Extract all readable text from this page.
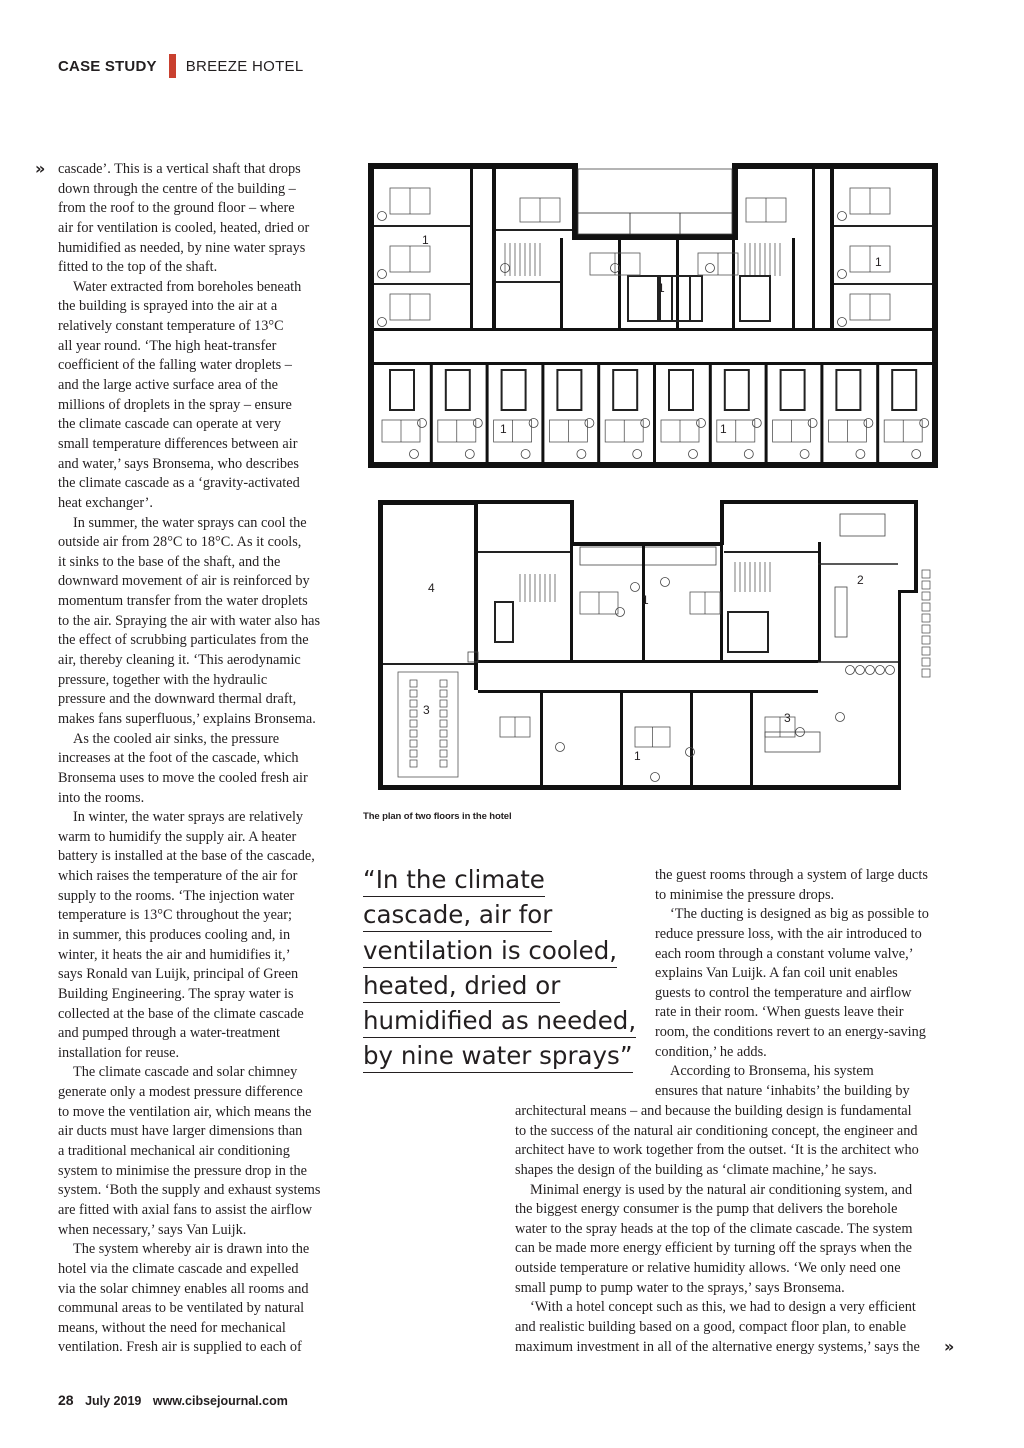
CASE STUDY BREEZE HOTEL
» cascade’. This is a vertical shaft that drops
down through the centre of the building –
from the roof to the ground floor – where
air for ventilation is cooled, heated, dried or
humidified as needed, by nine water sprays
fitted to the top of the shaft.
Water extracted from boreholes beneath
the building is sprayed into the air at a
relatively constant temperature of 13°C
all year round. ‘The high heat-transfer
coefficient of the falling water droplets –
and the large active surface area of the
millions of droplets in the spray – ensure
the climate cascade can operate at very
small temperature differences between air
and water,’ says Bronsema, who describes
the climate cascade as a ‘gravity-activated
heat exchanger’.
In summer, the water sprays can cool the
outside air from 28°C to 18°C. As it cools,
it sinks to the base of the shaft, and the
downward movement of air is reinforced by
momentum transfer from the water droplets
to the air. Spraying the air with water also has
the effect of scrubbing particulates from the
air, thereby cleaning it. ‘This aerodynamic
pressure, together with the hydraulic
pressure and the downward thermal draft,
makes fans superfluous,’ explains Bronsema.
As the cooled air sinks, the pressure
increases at the foot of the cascade, which
Bronsema uses to move the cooled fresh air
into the rooms.
In winter, the water sprays are relatively
warm to humidify the supply air. A heater
battery is installed at the base of the cascade,
which raises the temperature of the air for
supply to the rooms. ‘The injection water
temperature is 13°C throughout the year;
in summer, this produces cooling and, in
winter, it heats the air and humidifies it,’
says Ronald van Luijk, principal of Green
Building Engineering. The spray water is
collected at the base of the climate cascade
and pumped through a water-treatment
installation for reuse.
The climate cascade and solar chimney
generate only a modest pressure difference
to move the ventilation air, which means the
air ducts must have larger dimensions than
a traditional mechanical air conditioning
system to minimise the pressure drop in the
system. ‘Both the supply and exhaust systems
are fitted with axial fans to assist the airflow
when necessary,’ says Van Luijk.
The system whereby air is drawn into the
hotel via the climate cascade and expelled
via the solar chimney enables all rooms and
communal areas to be ventilated by natural
means, without the need for mechanical
ventilation. Fresh air is supplied to each of
the guest rooms through a system of large ducts
to minimise the pressure drops.
‘The ducting is designed as big as possible to
reduce pressure loss, with the air introduced to
each room through a constant volume valve,’
explains Van Luijk. A fan coil unit enables
guests to control the temperature and airflow
rate in their room. ‘When guests leave their
room, the conditions revert to an energy-saving
condition,’ he adds.
According to Bronsema, his system
ensures that nature ‘inhabits’ the building by
architectural means – and because the building design is fundamental
to the success of the natural air conditioning concept, the engineer and
architect have to work together from the outset. ‘It is the architect who
shapes the design of the building as ‘climate machine,’ he says.
Minimal energy is used by the natural air conditioning system, and
the biggest energy consumer is the pump that delivers the borehole
water to the spray heads at the top of the climate cascade. The system
can be made more energy efficient by turning off the sprays when the
outside temperature or relative humidity allows. ‘We only need one
small pump to pump water to the sprays,’ says Bronsema.
‘With a hotel concept such as this, we had to design a very efficient
and realistic building based on a good, compact floor plan, to enable
maximum investment in all of the alternative energy systems,’ says the »
1
1
1
1	1
4
1
2
3
3
1
The plan of two floors in the hotel
“In the climate
cascade, air for
ventilation is cooled,
heated, dried or
humidified as needed,
by nine water sprays”
28 July 2019 www.cibsejournal.com
